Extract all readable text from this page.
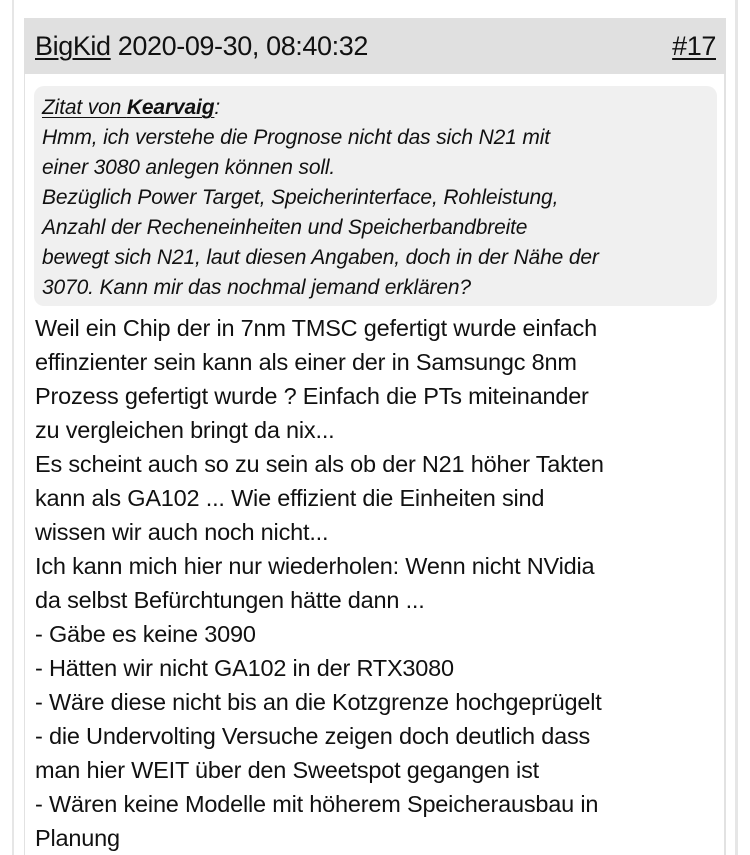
BigKid 2020-09-30, 08:40:32	#17
Zitat von Kearvaig:
Hmm, ich verstehe die Prognose nicht das sich N21 mit
einer 3080 anlegen können soll.
Bezüglich Power Target, Speicherinterface, Rohleistung,
Anzahl der Recheneinheiten und Speicherbandbreite
bewegt sich N21, laut diesen Angaben, doch in der Nähe der
3070. Kann mir das nochmal jemand erklären?
Weil ein Chip der in 7nm TMSC gefertigt wurde einfach
effinzienter sein kann als einer der in Samsungc 8nm
Prozess gefertigt wurde ? Einfach die PTs miteinander
zu vergleichen bringt da nix...
Es scheint auch so zu sein als ob der N21 höher Takten
kann als GA102 ... Wie effizient die Einheiten sind
wissen wir auch noch nicht...
Ich kann mich hier nur wiederholen: Wenn nicht NVidia
da selbst Befürchtungen hätte dann ...
- Gäbe es keine 3090
- Hätten wir nicht GA102 in der RTX3080
- Wäre diese nicht bis an die Kotzgrenze hochgeprügelt
- die Undervolting Versuche zeigen doch deutlich dass
man hier WEIT über den Sweetspot gegangen ist
- Wären keine Modelle mit höherem Speicherausbau in
Planung
